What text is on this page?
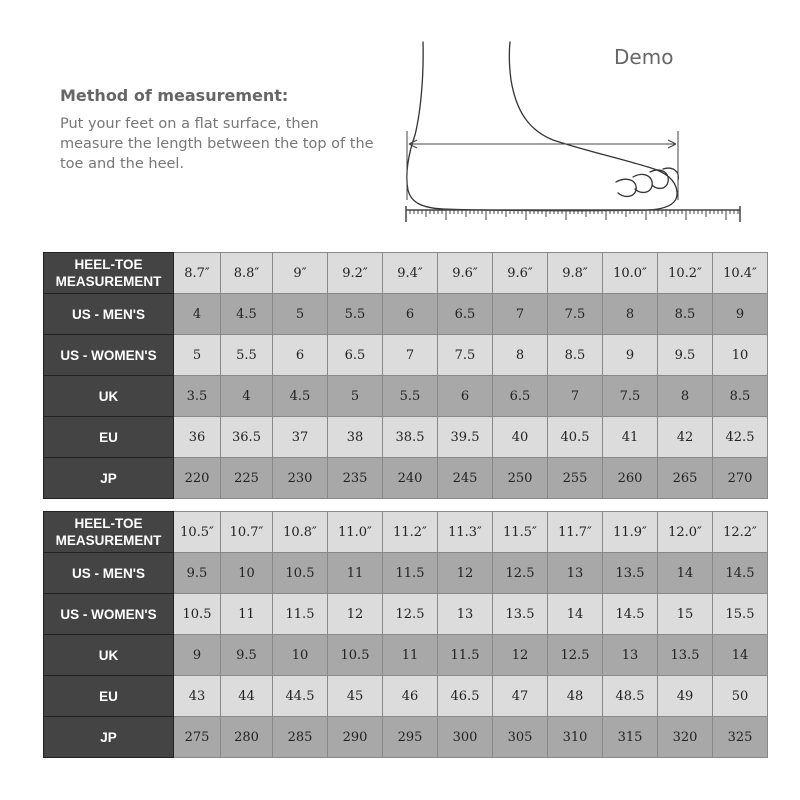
Method of measurement:

Put your feet on a flat surface, then measure the length between the top of the toe and the heel.

Demo
HEEL-TOE
MEASUREMENT	8.7″	8.8″	9″	9.2″	9.4″	9.6″	9.6″	9.8″	10.0″	10.2″	10.4″
US - MEN'S	4	4.5	5	5.5	6	6.5	7	7.5	8	8.5	9
US - WOMEN'S	5	5.5	6	6.5	7	7.5	8	8.5	9	9.5	10
UK	3.5	4	4.5	5	5.5	6	6.5	7	7.5	8	8.5
EU	36	36.5	37	38	38.5	39.5	40	40.5	41	42	42.5
JP	220	225	230	235	240	245	250	255	260	265	270
HEEL-TOE
MEASUREMENT	10.5″	10.7″	10.8″	11.0″	11.2″	11.3″	11.5″	11.7″	11.9″	12.0″	12.2″
US - MEN'S	9.5	10	10.5	11	11.5	12	12.5	13	13.5	14	14.5
US - WOMEN'S	10.5	11	11.5	12	12.5	13	13.5	14	14.5	15	15.5
UK	9	9.5	10	10.5	11	11.5	12	12.5	13	13.5	14
EU	43	44	44.5	45	46	46.5	47	48	48.5	49	50
JP	275	280	285	290	295	300	305	310	315	320	325
